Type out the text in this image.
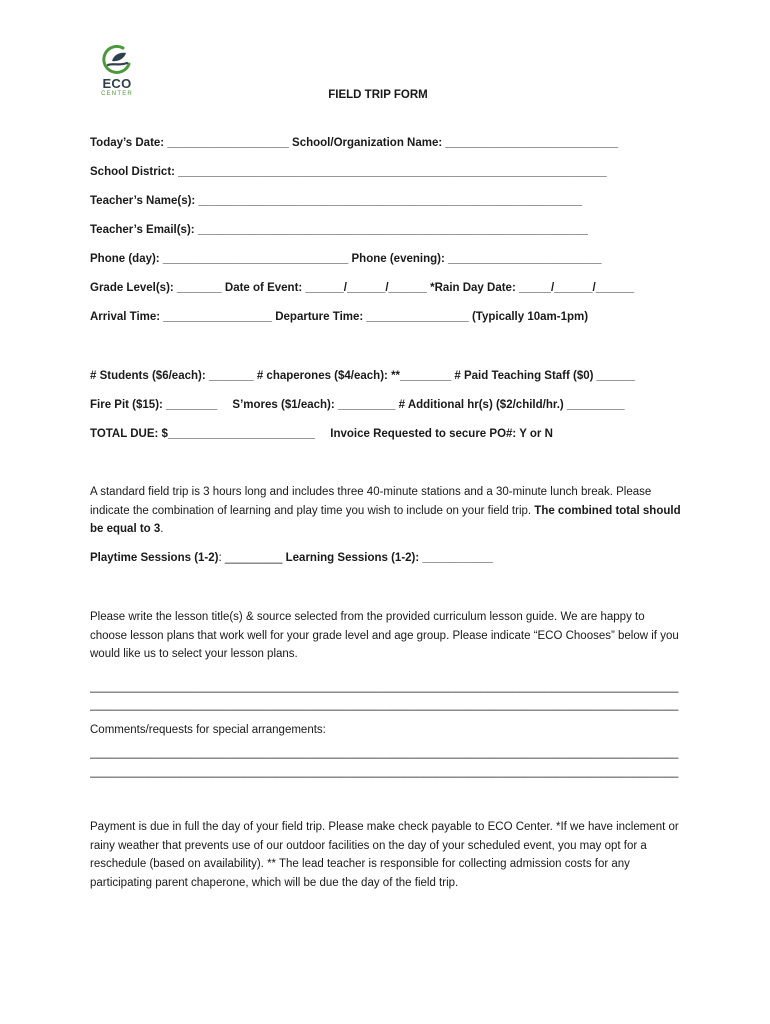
ECO
CENTER	FIELD TRIP FORM
Today’s Date: ___________________ School/Organization Name: ___________________________
School District: ___________________________________________________________________
Teacher’s Name(s): ____________________________________________________________
Teacher’s Email(s): _____________________________________________________________
Phone (day): _____________________________ Phone (evening): ________________________
Grade Level(s): _______ Date of Event: ______/______/______ *Rain Day Date: _____/______/______
Arrival Time: _________________ Departure Time: ________________ (Typically 10am-1pm)
# Students ($6/each): _______ # chaperones ($4/each): **________ # Paid Teaching Staff ($0) ______
Fire Pit ($15): ________ S’mores ($1/each): _________ # Additional hr(s) ($2/child/hr.) _________
TOTAL DUE: $_______________________ Invoice Requested to secure PO#: Y or N
A standard field trip is 3 hours long and includes three 40-minute stations and a 30-minute lunch break. Please indicate the combination of learning and play time you wish to include on your field trip. The combined total should be equal to 3.
Playtime Sessions (1-2): _________ Learning Sessions (1-2): ___________
Please write the lesson title(s) & source selected from the provided curriculum lesson guide. We are happy to choose lesson plans that work well for your grade level and age group. Please indicate “ECO Chooses” below if you would like us to select your lesson plans.
____________________________________________________________________________________________
____________________________________________________________________________________________
Comments/requests for special arrangements:
____________________________________________________________________________________________
____________________________________________________________________________________________
Payment is due in full the day of your field trip. Please make check payable to ECO Center. *If we have inclement or rainy weather that prevents use of our outdoor facilities on the day of your scheduled event, you may opt for a reschedule (based on availability). ** The lead teacher is responsible for collecting admission costs for any participating parent chaperone, which will be due the day of the field trip.
